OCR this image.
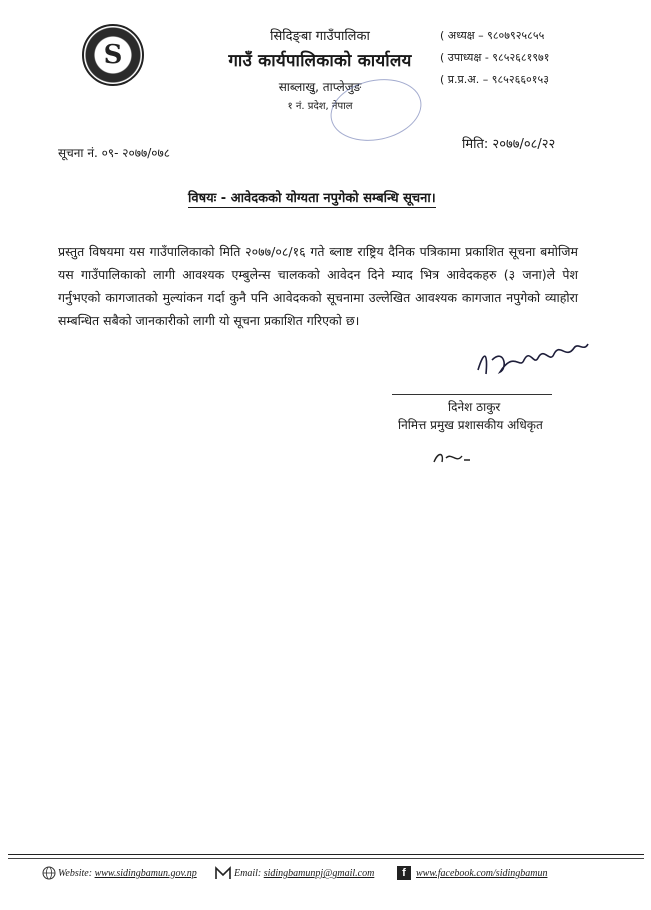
S
सिदिङ्बा गाउँपालिका
गाउँ कार्यपालिकाको कार्यालय
साब्लाखु, ताप्लेजुङ
१ नं. प्रदेश, नेपाल
( अध्यक्ष – ९८०७९२५८५५
( उपाध्यक्ष - ९८५२६८१९७१
( प्र.प्र.अ. – ९८५२६६०१५३
सूचना नं. ०९- २०७७/०७८
मिति: २०७७/०८/२२
विषयः - आवेदकको योग्यता नपुगेको सम्बन्धि सूचना।
प्रस्तुत विषयमा यस गाउँपालिकाको मिति २०७७/०८/१६ गते ब्लाष्ट राष्ट्रिय दैनिक पत्रिकामा प्रकाशित सूचना बमोजिम यस गाउँपालिकाको लागी आवश्यक एम्बुलेन्स चालकको आवेदन दिने म्याद भित्र आवेदकहरु (३ जना)ले पेश गर्नुभएको कागजातको मुल्यांकन गर्दा कुनै पनि आवेदकको सूचनामा उल्लेखित आवश्यक कागजात नपुगेको व्याहोरा सम्बन्धित सबैको जानकारीको लागी यो सूचना प्रकाशित गरिएको छ।
दिनेश ठाकुर
निमित्त प्रमुख प्रशासकीय अधिकृत
Website: www.sidingbamun.gov.np	Email: sidingbamunpj@gmail.com	f	www.facebook.com/sidingbamun
